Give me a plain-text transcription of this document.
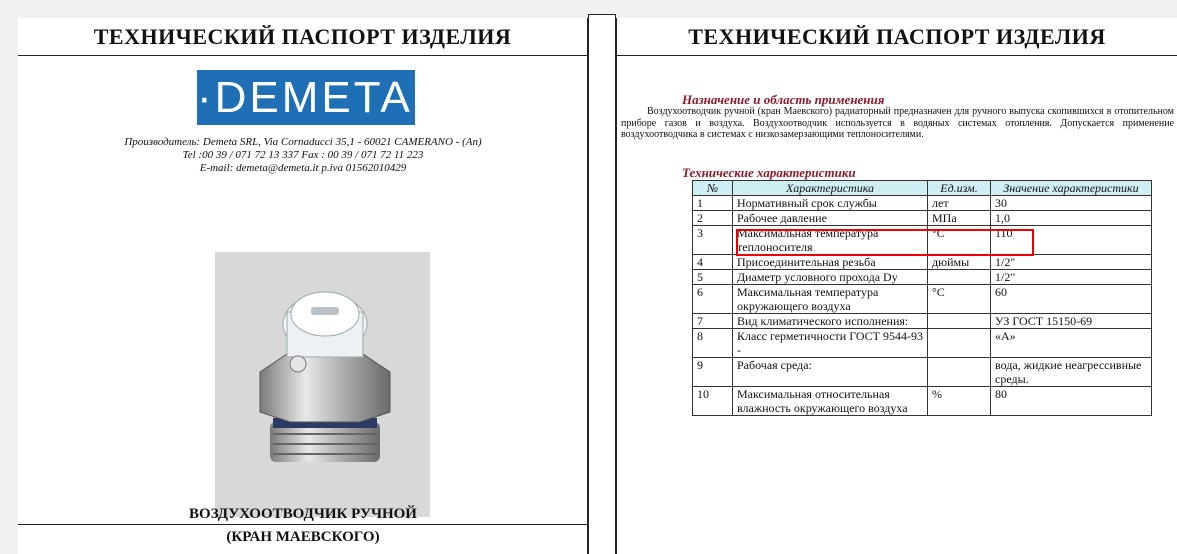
ТЕХНИЧЕСКИЙ ПАСПОРТ ИЗДЕЛИЯ
·DEMETA·
Производитель: Demeta SRL, Via Cornaducci 35,1 - 60021 CAMERANO - (An)
Tel :00 39 / 071 72 13 337 Fax : 00 39 / 071 72 11 223
E-mail: demeta@demeta.it p.iva 01562010429
ВОЗДУХООТВОДЧИК РУЧНОЙ
(КРАН МАЕВСКОГО)
ТЕХНИЧЕСКИЙ ПАСПОРТ ИЗДЕЛИЯ
Назначение и область применения
Воздухоотводчик ручной (кран Маевского) радиаторный предназначен для ручного выпуска скопившихся в отопительном приборе газов и воздуха. Воздухоотводчик используется в водяных системах отопления. Допускается применение воздухоотводчика в системах с низкозамерзающими теплоносителями.
Технические характеристики
№	Характеристика	Ед.изм.	Значение характеристики
1	Нормативный срок службы	лет	30
2	Рабочее давление	МПа	1,0
3	Максимальная температура теплоносителя	°С	110
4	Присоединительная резьба	дюймы	1/2"
5	Диаметр условного прохода Dy		1/2"
6	Максимальная температура окружающего воздуха	°С	60
7	Вид климатического исполнения:		УЗ ГОСТ 15150-69
8	Класс герметичности ГОСТ 9544-93 -		«А»
9	Рабочая среда:		вода, жидкие неагрессивные среды.
10	Максимальная относительная влажность окружающего воздуха	%	80
